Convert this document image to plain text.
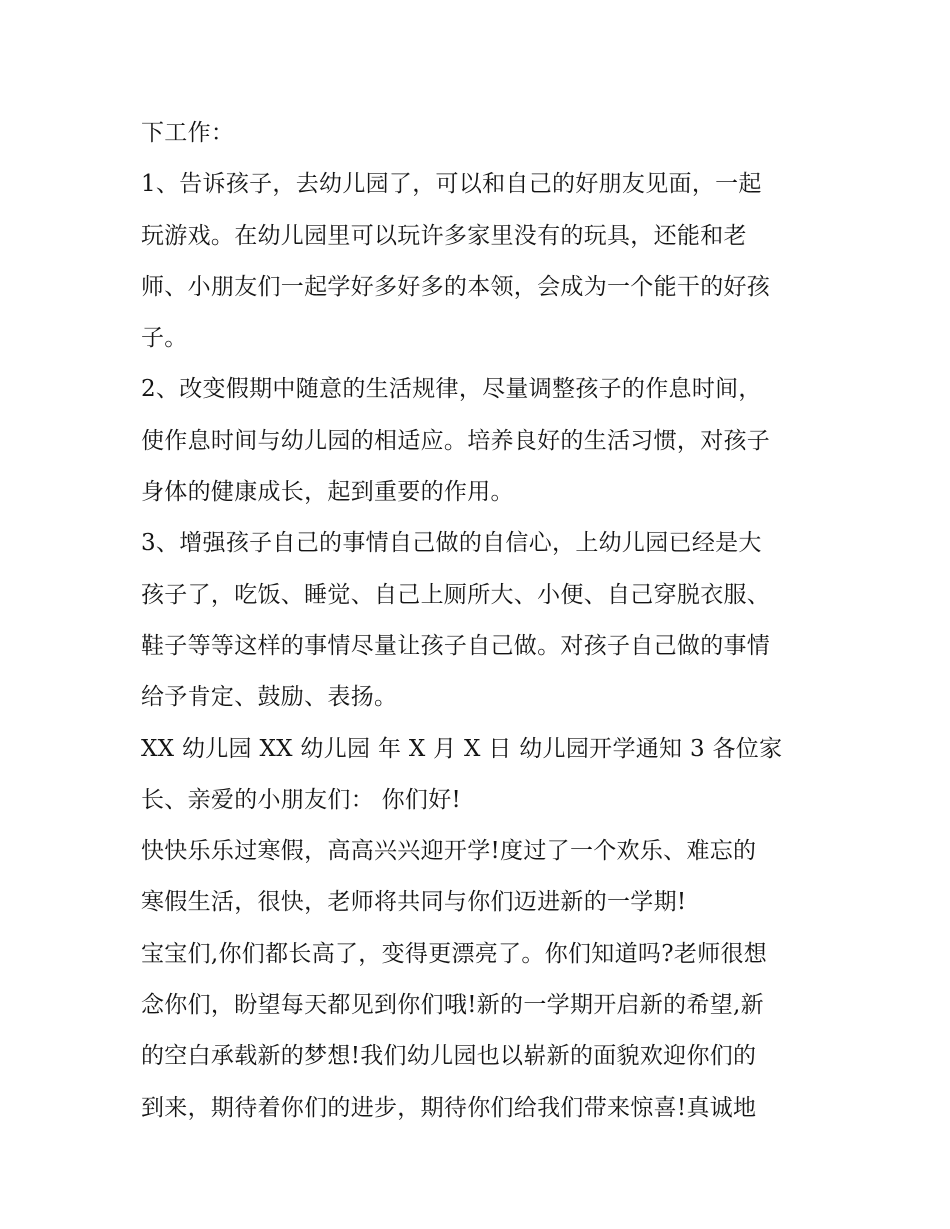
下工作：
1、告诉孩子，去幼儿园了，可以和自己的好朋友见面，一起
玩游戏。在幼儿园里可以玩许多家里没有的玩具，还能和老
师、小朋友们一起学好多好多的本领，会成为一个能干的好孩
子。
2、改变假期中随意的生活规律，尽量调整孩子的作息时间，
使作息时间与幼儿园的相适应。培养良好的生活习惯，对孩子
身体的健康成长，起到重要的作用。
3、增强孩子自己的事情自己做的自信心，上幼儿园已经是大
孩子了，吃饭、睡觉、自己上厕所大、小便、自己穿脱衣服、
鞋子等等这样的事情尽量让孩子自己做。对孩子自己做的事情
给予肯定、鼓励、表扬。
XX 幼儿园 XX 幼儿园 年 X 月 X 日 幼儿园开学通知 3 各位家
长、亲爱的小朋友们： 你们好!
快快乐乐过寒假，高高兴兴迎开学!度过了一个欢乐、难忘的
寒假生活，很快，老师将共同与你们迈进新的一学期!
宝宝们,你们都长高了，变得更漂亮了。你们知道吗?老师很想
念你们，盼望每天都见到你们哦!新的一学期开启新的希望,新
的空白承载新的梦想!我们幼儿园也以崭新的面貌欢迎你们的
到来，期待着你们的进步，期待你们给我们带来惊喜!真诚地
